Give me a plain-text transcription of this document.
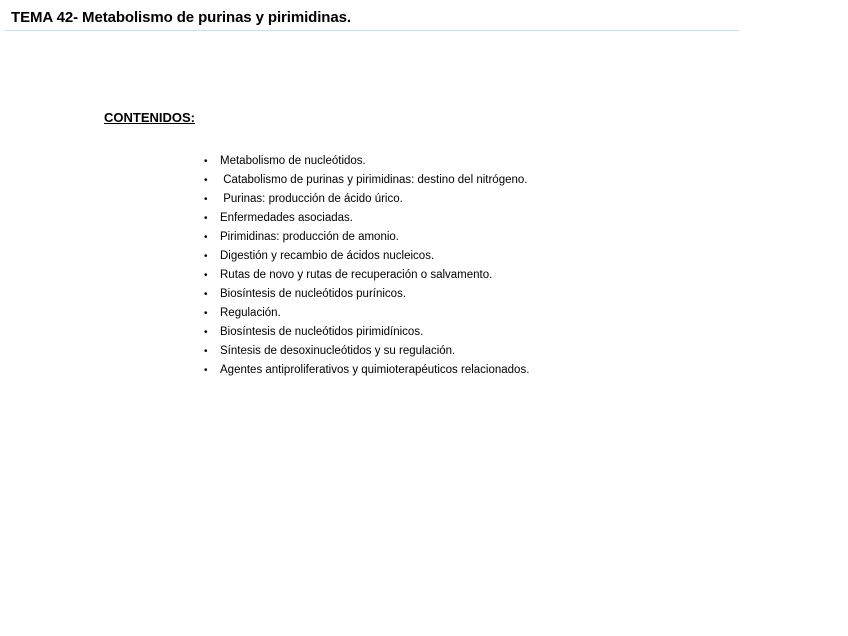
TEMA 42- Metabolismo de purinas y pirimidinas.
CONTENIDOS:
• Metabolismo de nucleótidos.
• Catabolismo de purinas y pirimidinas: destino del nitrógeno.
• Purinas: producción de ácido úrico.
• Enfermedades asociadas.
• Pirimidinas: producción de amonio.
• Digestión y recambio de ácidos nucleicos.
• Rutas de novo y rutas de recuperación o salvamento.
• Biosíntesis de nucleótidos purínicos.
• Regulación.
• Biosíntesis de nucleótidos pirimidínicos.
• Síntesis de desoxinucleótidos y su regulación.
• Agentes antiproliferativos y quimioterapéuticos relacionados.
